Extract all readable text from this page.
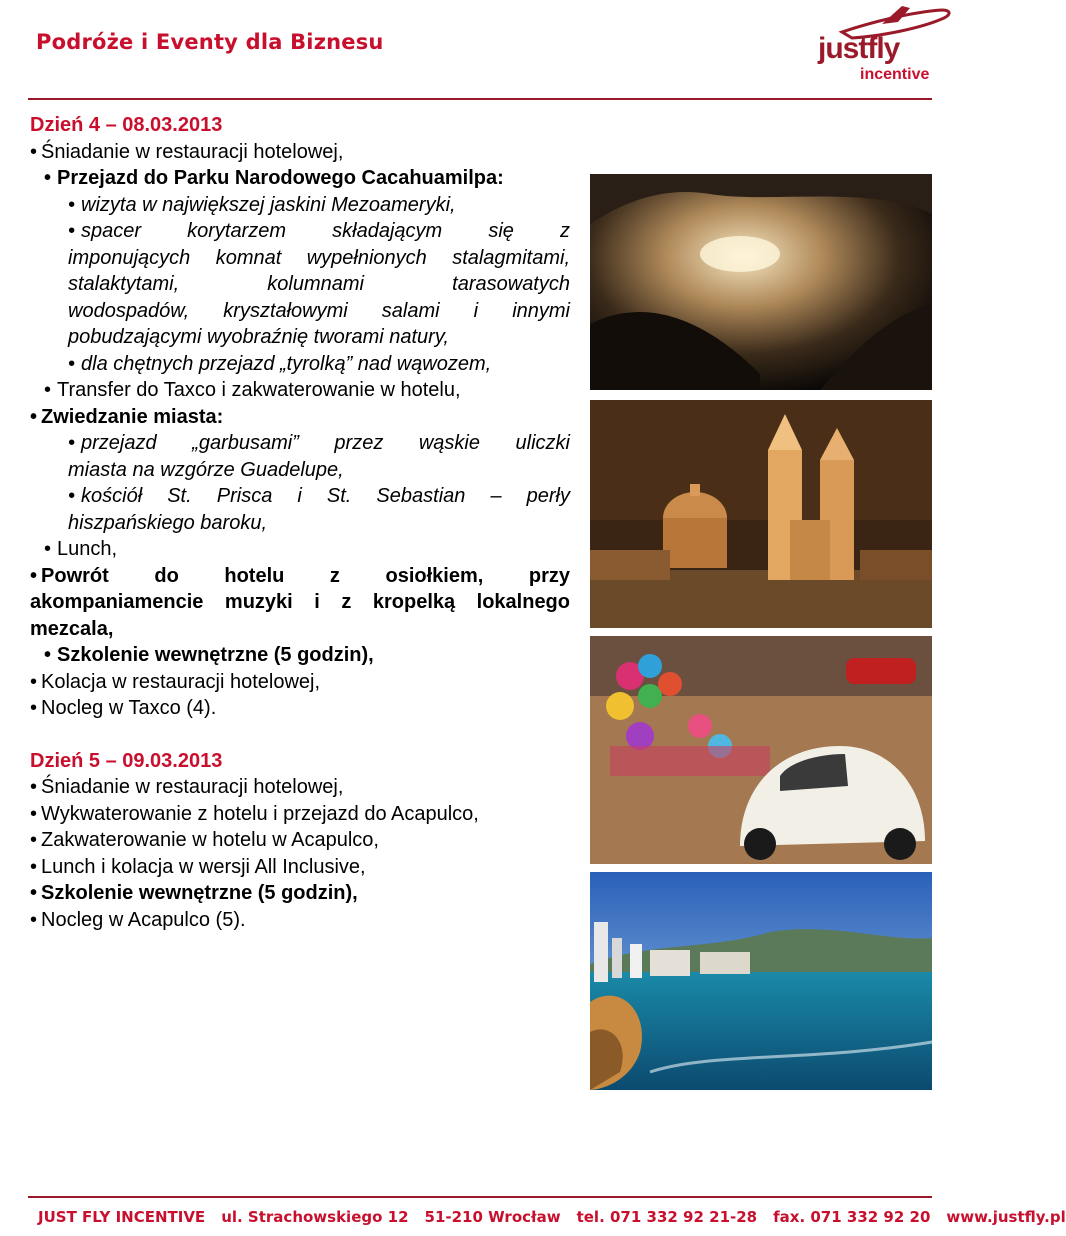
Podróże i Eventy dla Biznesu	justfly
incentive
Dzień 4 – 08.03.2013
• Śniadanie w restauracji hotelowej,
• Przejazd do Parku Narodowego Cacahuamilpa:
• wizyta w największej jaskini Mezoameryki,
• spacer korytarzem składającym się z
imponujących komnat wypełnionych stalagmitami,
stalaktytami, kolumnami tarasowatych
wodospadów, kryształowymi salami i innymi
pobudzającymi wyobraźnię tworami natury,
• dla chętnych przejazd „tyrolką” nad wąwozem,
• Transfer do Taxco i zakwaterowanie w hotelu,
• Zwiedzanie miasta:
• przejazd „garbusami” przez wąskie uliczki
miasta na wzgórze Guadelupe,
• kościół St. Prisca i St. Sebastian – perły
hiszpańskiego baroku,
• Lunch,
• Powrót do hotelu z osiołkiem, przy
akompaniamencie muzyki i z kropelką lokalnego
mezcala,
• Szkolenie wewnętrzne (5 godzin),
• Kolacja w restauracji hotelowej,
• Nocleg w Taxco (4).
Dzień 5 – 09.03.2013
• Śniadanie w restauracji hotelowej,
• Wykwaterowanie z hotelu i przejazd do Acapulco,
• Zakwaterowanie w hotelu w Acapulco,
• Lunch i kolacja w wersji All Inclusive,
• Szkolenie wewnętrzne (5 godzin),
• Nocleg w Acapulco (5).
JUST FLY INCENTIVE ul. Strachowskiego 12 51-210 Wrocław tel. 071 332 92 21-28 fax. 071 332 92 20 www.justfly.pl
